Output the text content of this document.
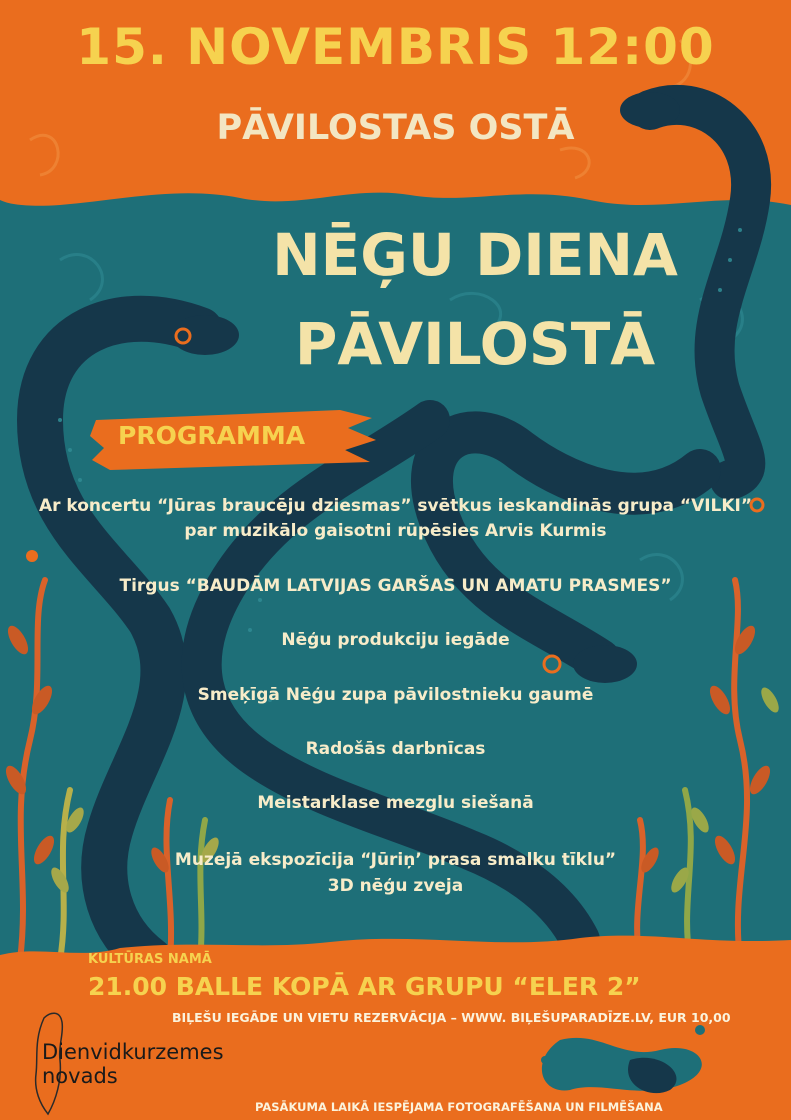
15. NOVEMBRIS 12:00

PĀVILOSTAS OSTĀ

NĒĢU DIENA

PĀVILOSTĀ

PROGRAMMA

Ar koncertu “Jūras braucēju dziesmas” svētkus ieskandinās grupa “VILKI”

par muzikālo gaisotni rūpēsies Arvis Kurmis

Tirgus “BAUDĀM LATVIJAS GARŠAS UN AMATU PRASMES”

Nēģu produkciju iegāde

Smeķīgā Nēģu zupa pāvilostnieku gaumē

Radošās darbnīcas

Meistarklase mezglu siešanā

Muzejā ekspozīcija “Jūriņ’ prasa smalku tīklu”

3D nēģu zveja

KULTŪRAS NAMĀ

21.00 BALLE KOPĀ AR GRUPU “ELER 2”

BIĻEŠU IEGĀDE UN VIETU REZERVĀCIJA – WWW. BIĻEŠUPARADĪZE.LV, EUR 10,00

Dienvidkurzemes
novads

PASĀKUMA LAIKĀ IESPĒJAMA FOTOGRAFĒŠANA UN FILMĒŠANA
